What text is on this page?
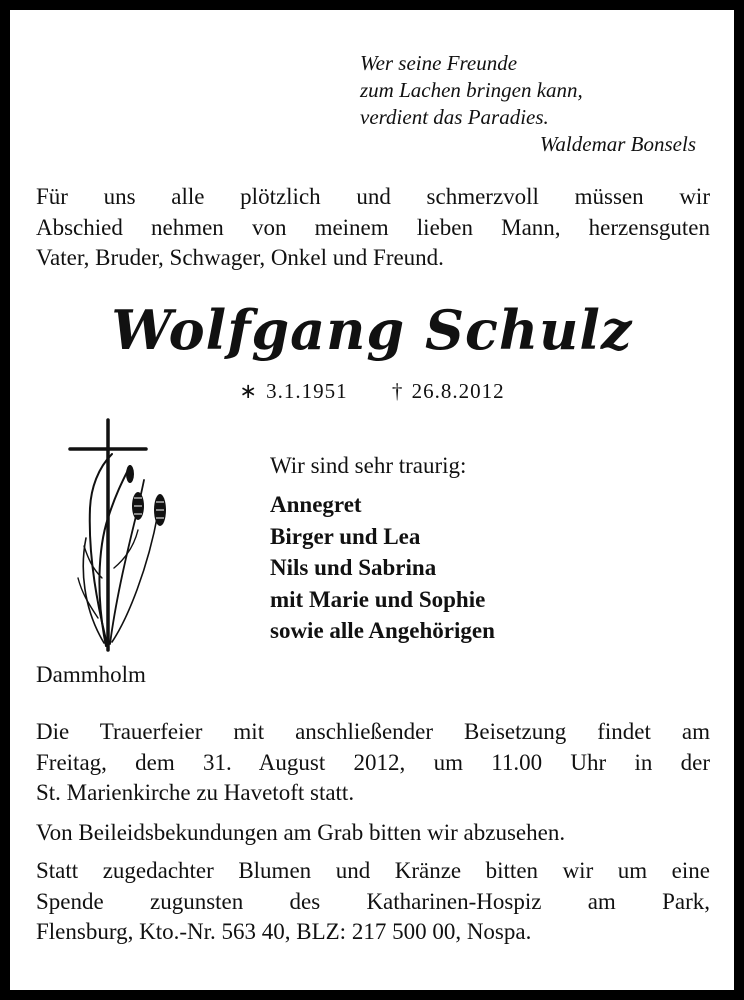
Wer seine Freunde
zum Lachen bringen kann,
verdient das Paradies.
Waldemar Bonsels
Für uns alle plötzlich und schmerzvoll müssen wir
Abschied nehmen von meinem lieben Mann, herzensguten
Vater, Bruder, Schwager, Onkel und Freund.
Wolfgang Schulz
∗ 3.1.1951 † 26.8.2012
Wir sind sehr traurig:
Annegret
Birger und Lea
Nils und Sabrina
mit Marie und Sophie
sowie alle Angehörigen
Dammholm
Die Trauerfeier mit anschließender Beisetzung findet am
Freitag, dem 31. August 2012, um 11.00 Uhr in der
St. Marienkirche zu Havetoft statt.
Von Beileidsbekundungen am Grab bitten wir abzusehen.
Statt zugedachter Blumen und Kränze bitten wir um eine
Spende zugunsten des Katharinen-Hospiz am Park,
Flensburg, Kto.-Nr. 563 40, BLZ: 217 500 00, Nospa.
